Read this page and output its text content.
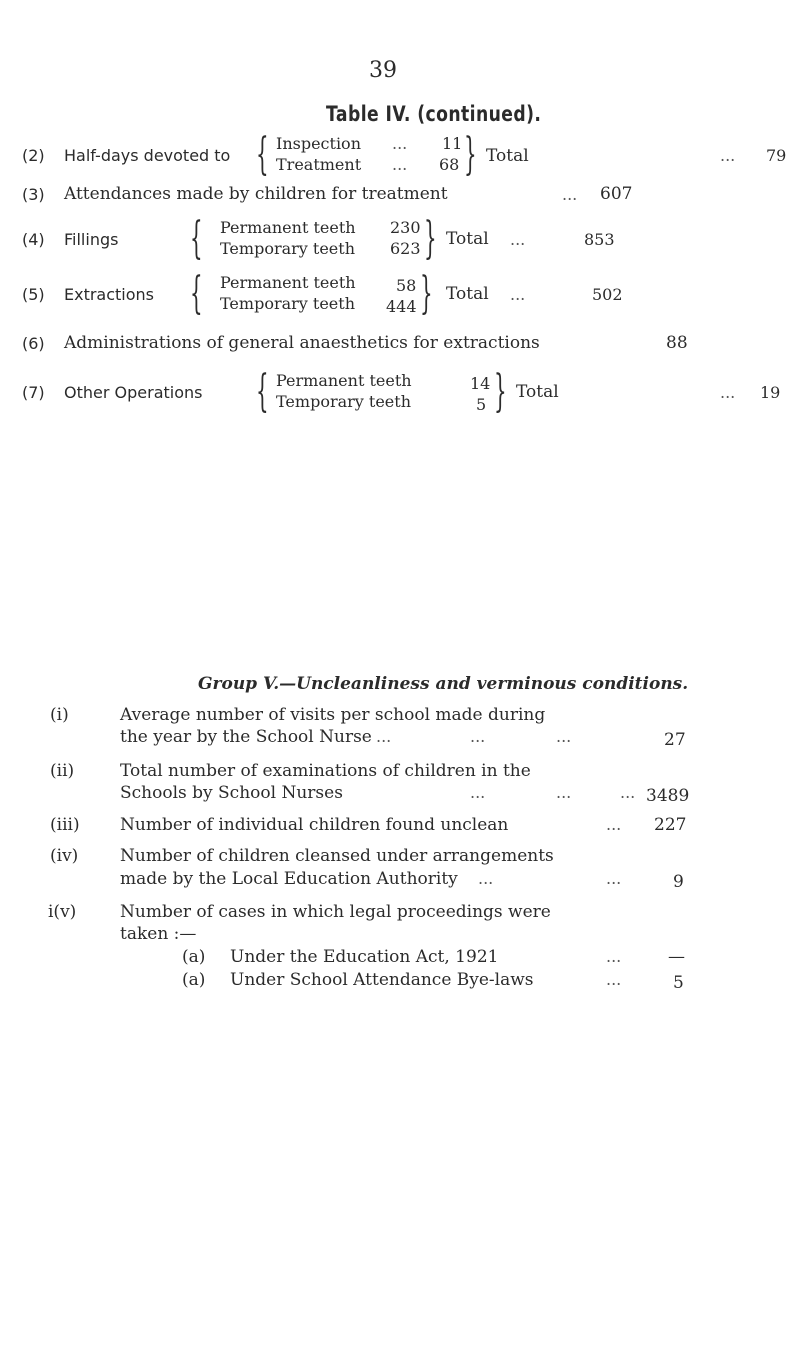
39
Table IV. (continued).
(2) Half-days devoted to { Inspection ... 11
Treatment ... 68 } Total	... 79
(3) Attendances made by children for treatment	... 607
(4) Fillings { Permanent teeth 230
Temporary teeth 623 } Total ...	853
(5) Extractions { Permanent teeth	58
Temporary teeth 444 } Total ...	502
(6) Administrations of general anaesthetics for extractions	88
(7) Other Operations { Permanent teeth	14
Temporary teeth	5 } Total	... 19
Group V.—Uncleanliness and verminous conditions.
(i)	Average number of visits per school made during
the year by the School Nurse ...	...	...	27
(ii)	Total number of examinations of children in the
Schools by School Nurses	...	...	... 3489
(iii) Number of individual children found unclean	... 227
(iv) Number of children cleansed under arrangements
made by the Local Education Authority ...	...	9
i(v)	Number of cases in which legal proceedings were
taken :—
(a) Under the Education Act, 1921	...	—
(a) Under School Attendance Bye-laws	...	5
